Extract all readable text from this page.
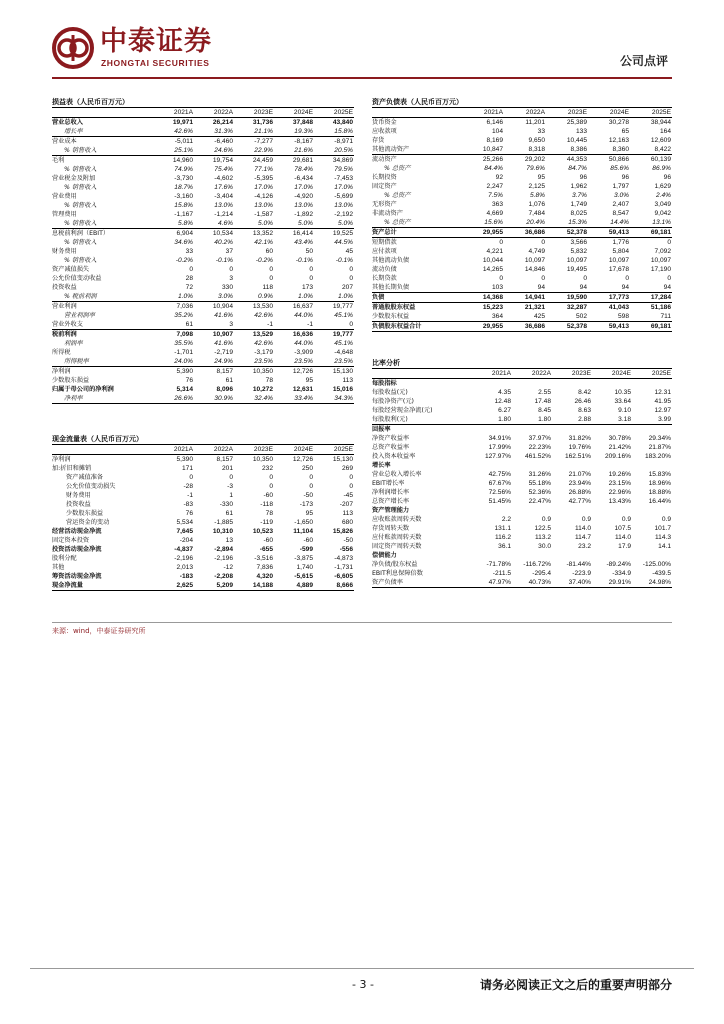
中泰证券
ZHONGTAI SECURITIES	公司点评
损益表（人民币百万元）
	2021A	2022A	2023E	2024E	2025E
营业总收入	19,971	26,214	31,736	37,848	43,840
增长率	42.6%	31.3%	21.1%	19.3%	15.8%
营业成本	-5,011	-6,460	-7,277	-8,167	-8,971
% 销售收入	25.1%	24.6%	22.9%	21.6%	20.5%
毛利	14,960	19,754	24,459	29,681	34,869
% 销售收入	74.9%	75.4%	77.1%	78.4%	79.5%
营业税金及附加	-3,730	-4,602	-5,395	-6,434	-7,453
% 销售收入	18.7%	17.6%	17.0%	17.0%	17.0%
营业费用	-3,160	-3,404	-4,126	-4,920	-5,699
% 销售收入	15.8%	13.0%	13.0%	13.0%	13.0%
管理费用	-1,167	-1,214	-1,587	-1,892	-2,192
% 销售收入	5.8%	4.6%	5.0%	5.0%	5.0%
息税前利润（EBIT）	6,904	10,534	13,352	16,414	19,525
% 销售收入	34.6%	40.2%	42.1%	43.4%	44.5%
财务费用	33	37	60	50	45
% 销售收入	-0.2%	-0.1%	-0.2%	-0.1%	-0.1%
资产减值损失	0	0	0	0	0
公允价值变动收益	28	3	0	0	0
投资收益	72	330	118	173	207
% 税前利润	1.0%	3.0%	0.9%	1.0%	1.0%
营业利润	7,036	10,904	13,530	16,637	19,777
营业利润率	35.2%	41.6%	42.6%	44.0%	45.1%
营业外收支	61	3	-1	-1	0
税前利润	7,098	10,907	13,529	16,636	19,777
利润率	35.5%	41.6%	42.6%	44.0%	45.1%
所得税	-1,701	-2,719	-3,179	-3,909	-4,648
所得税率	24.0%	24.9%	23.5%	23.5%	23.5%
净利润	5,390	8,157	10,350	12,726	15,130
少数股东损益	76	61	78	95	113
归属于母公司的净利润	5,314	8,096	10,272	12,631	15,016
净利率	26.6%	30.9%	32.4%	33.4%	34.3%
现金流量表（人民币百万元）
	2021A	2022A	2023E	2024E	2025E
净利润	5,390	8,157	10,350	12,726	15,130
加:折旧和摊销	171	201	232	250	269
资产减值准备	0	0	0	0	0
公允价值变动损失	-28	-3	0	0	0
财务费用	-1	1	-60	-50	-45
投资收益	-83	-330	-118	-173	-207
少数股东损益	76	61	78	95	113
营运资金的变动	5,534	-1,885	-119	-1,650	680
经营活动现金净流	7,645	10,310	10,523	11,104	15,826
固定资本投资	-204	13	-60	-60	-50
投资活动现金净流	-4,837	-2,894	-655	-599	-556
股利分配	-2,196	-2,196	-3,516	-3,875	-4,873
其他	2,013	-12	7,836	1,740	-1,731
筹资活动现金净流	-183	-2,208	4,320	-5,615	-6,605
现金净流量	2,625	5,209	14,188	4,889	8,666
资产负债表（人民币百万元）
	2021A	2022A	2023E	2024E	2025E
货币资金	6,146	11,201	25,389	30,278	38,944
应收款项	104	33	133	65	164
存货	8,169	9,650	10,445	12,163	12,609
其他流动资产	10,847	8,318	8,386	8,360	8,422
流动资产	25,266	29,202	44,353	50,866	60,139
% 总资产	84.4%	79.6%	84.7%	85.6%	86.9%
长期投资	92	95	96	96	96
固定资产	2,247	2,125	1,962	1,797	1,629
% 总资产	7.5%	5.8%	3.7%	3.0%	2.4%
无形资产	363	1,076	1,749	2,407	3,049
非流动资产	4,669	7,484	8,025	8,547	9,042
% 总资产	15.6%	20.4%	15.3%	14.4%	13.1%
资产总计	29,955	36,686	52,378	59,413	69,181
短期借款	0	0	3,566	1,776	0
应付款项	4,221	4,749	5,832	5,804	7,092
其他流动负债	10,044	10,097	10,097	10,097	10,097
流动负债	14,265	14,846	19,495	17,678	17,190
长期贷款	0	0	0	0	0
其他长期负债	103	94	94	94	94
负债	14,368	14,941	19,590	17,773	17,284
普通股股东权益	15,223	21,321	32,287	41,043	51,186
少数股东权益	364	425	502	598	711
负债股东权益合计	29,955	36,686	52,378	59,413	69,181
比率分析
	2021A	2022A	2023E	2024E	2025E
每股指标					
每股收益(元)	4.35	2.55	8.42	10.35	12.31
每股净资产(元)	12.48	17.48	26.46	33.64	41.95
每股经营现金净流(元)	6.27	8.45	8.63	9.10	12.97
每股股利(元)	1.80	1.80	2.88	3.18	3.99
回报率					
净资产收益率	34.91%	37.97%	31.82%	30.78%	29.34%
总资产收益率	17.99%	22.23%	19.76%	21.42%	21.87%
投入资本收益率	127.97%	461.52%	162.51%	209.16%	183.20%
增长率					
营业总收入增长率	42.75%	31.26%	21.07%	19.26%	15.83%
EBIT增长率	67.67%	55.18%	23.94%	23.15%	18.96%
净利润增长率	72.56%	52.36%	26.88%	22.96%	18.88%
总资产增长率	51.45%	22.47%	42.77%	13.43%	16.44%
资产管理能力					
应收账款周转天数	2.2	0.9	0.9	0.9	0.9
存货周转天数	131.1	122.5	114.0	107.5	101.7
应付账款周转天数	116.2	113.2	114.7	114.0	114.3
固定资产周转天数	36.1	30.0	23.2	17.9	14.1
偿债能力					
净负债/股东权益	-71.78%	-116.72%	-81.44%	-89.24%	-125.00%
EBIT利息保障倍数	-211.5	-295.4	-223.9	-334.9	-439.5
资产负债率	47.97%	40.73%	37.40%	29.91%	24.98%
来源：wind，中泰证券研究所
- 3 -	请务必阅读正文之后的重要声明部分
